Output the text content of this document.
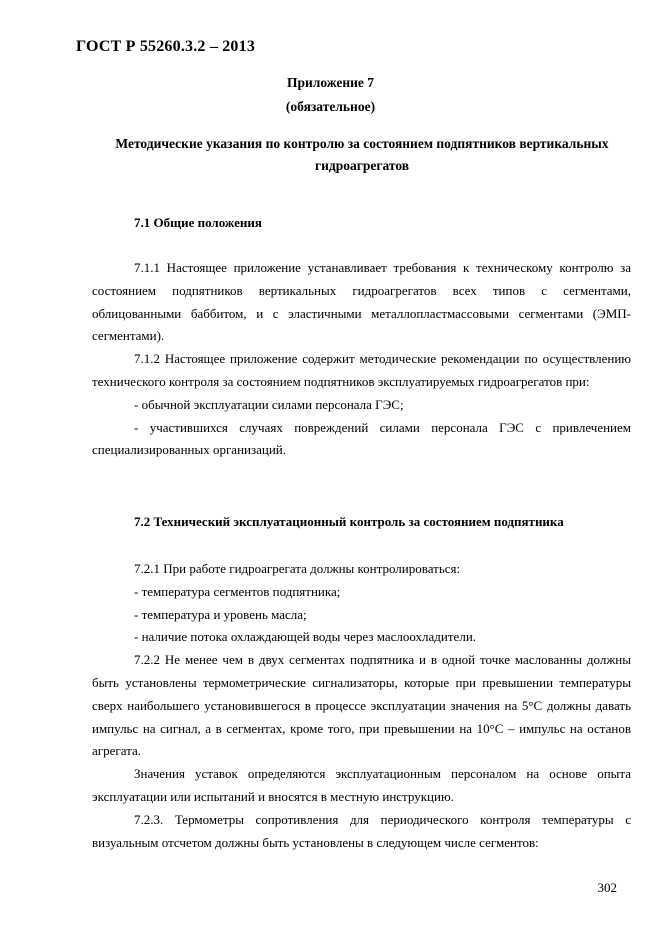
ГОСТ Р 55260.3.2 – 2013
Приложение 7
(обязательное)
Методические указания по контролю за состоянием подпятников вертикальных гидроагрегатов
7.1 Общие положения

7.1.1 Настоящее приложение устанавливает требования к техническому контролю за состоянием подпятников вертикальных гидроагрегатов всех типов с сегментами, облицованными баббитом, и с эластичными металлопластмассовыми сегментами (ЭМП-сегментами).

7.1.2 Настоящее приложение содержит методические рекомендации по осуществлению технического контроля за состоянием подпятников эксплуатируемых гидроагрегатов при:

- обычной эксплуатации силами персонала ГЭС;

- участившихся случаях повреждений силами персонала ГЭС с привлечением специализированных организаций.

7.2 Технический эксплуатационный контроль за состоянием подпятника

7.2.1 При работе гидроагрегата должны контролироваться:

- температура сегментов подпятника;

- температура и уровень масла;

- наличие потока охлаждающей воды через маслоохладители.

7.2.2 Не менее чем в двух сегментах подпятника и в одной точке маслованны должны быть установлены термометрические сигнализаторы, которые при превышении температуры сверх наибольшего установившегося в процессе эксплуатации значения на 5°C должны давать импульс на сигнал, а в сегментах, кроме того, при превышении на 10°C – импульс на останов агрегата.

Значения уставок определяются эксплуатационным персоналом на основе опыта эксплуатации или испытаний и вносятся в местную инструкцию.

7.2.3. Термометры сопротивления для периодического контроля температуры с визуальным отсчетом должны быть установлены в следующем числе сегментов:

302
